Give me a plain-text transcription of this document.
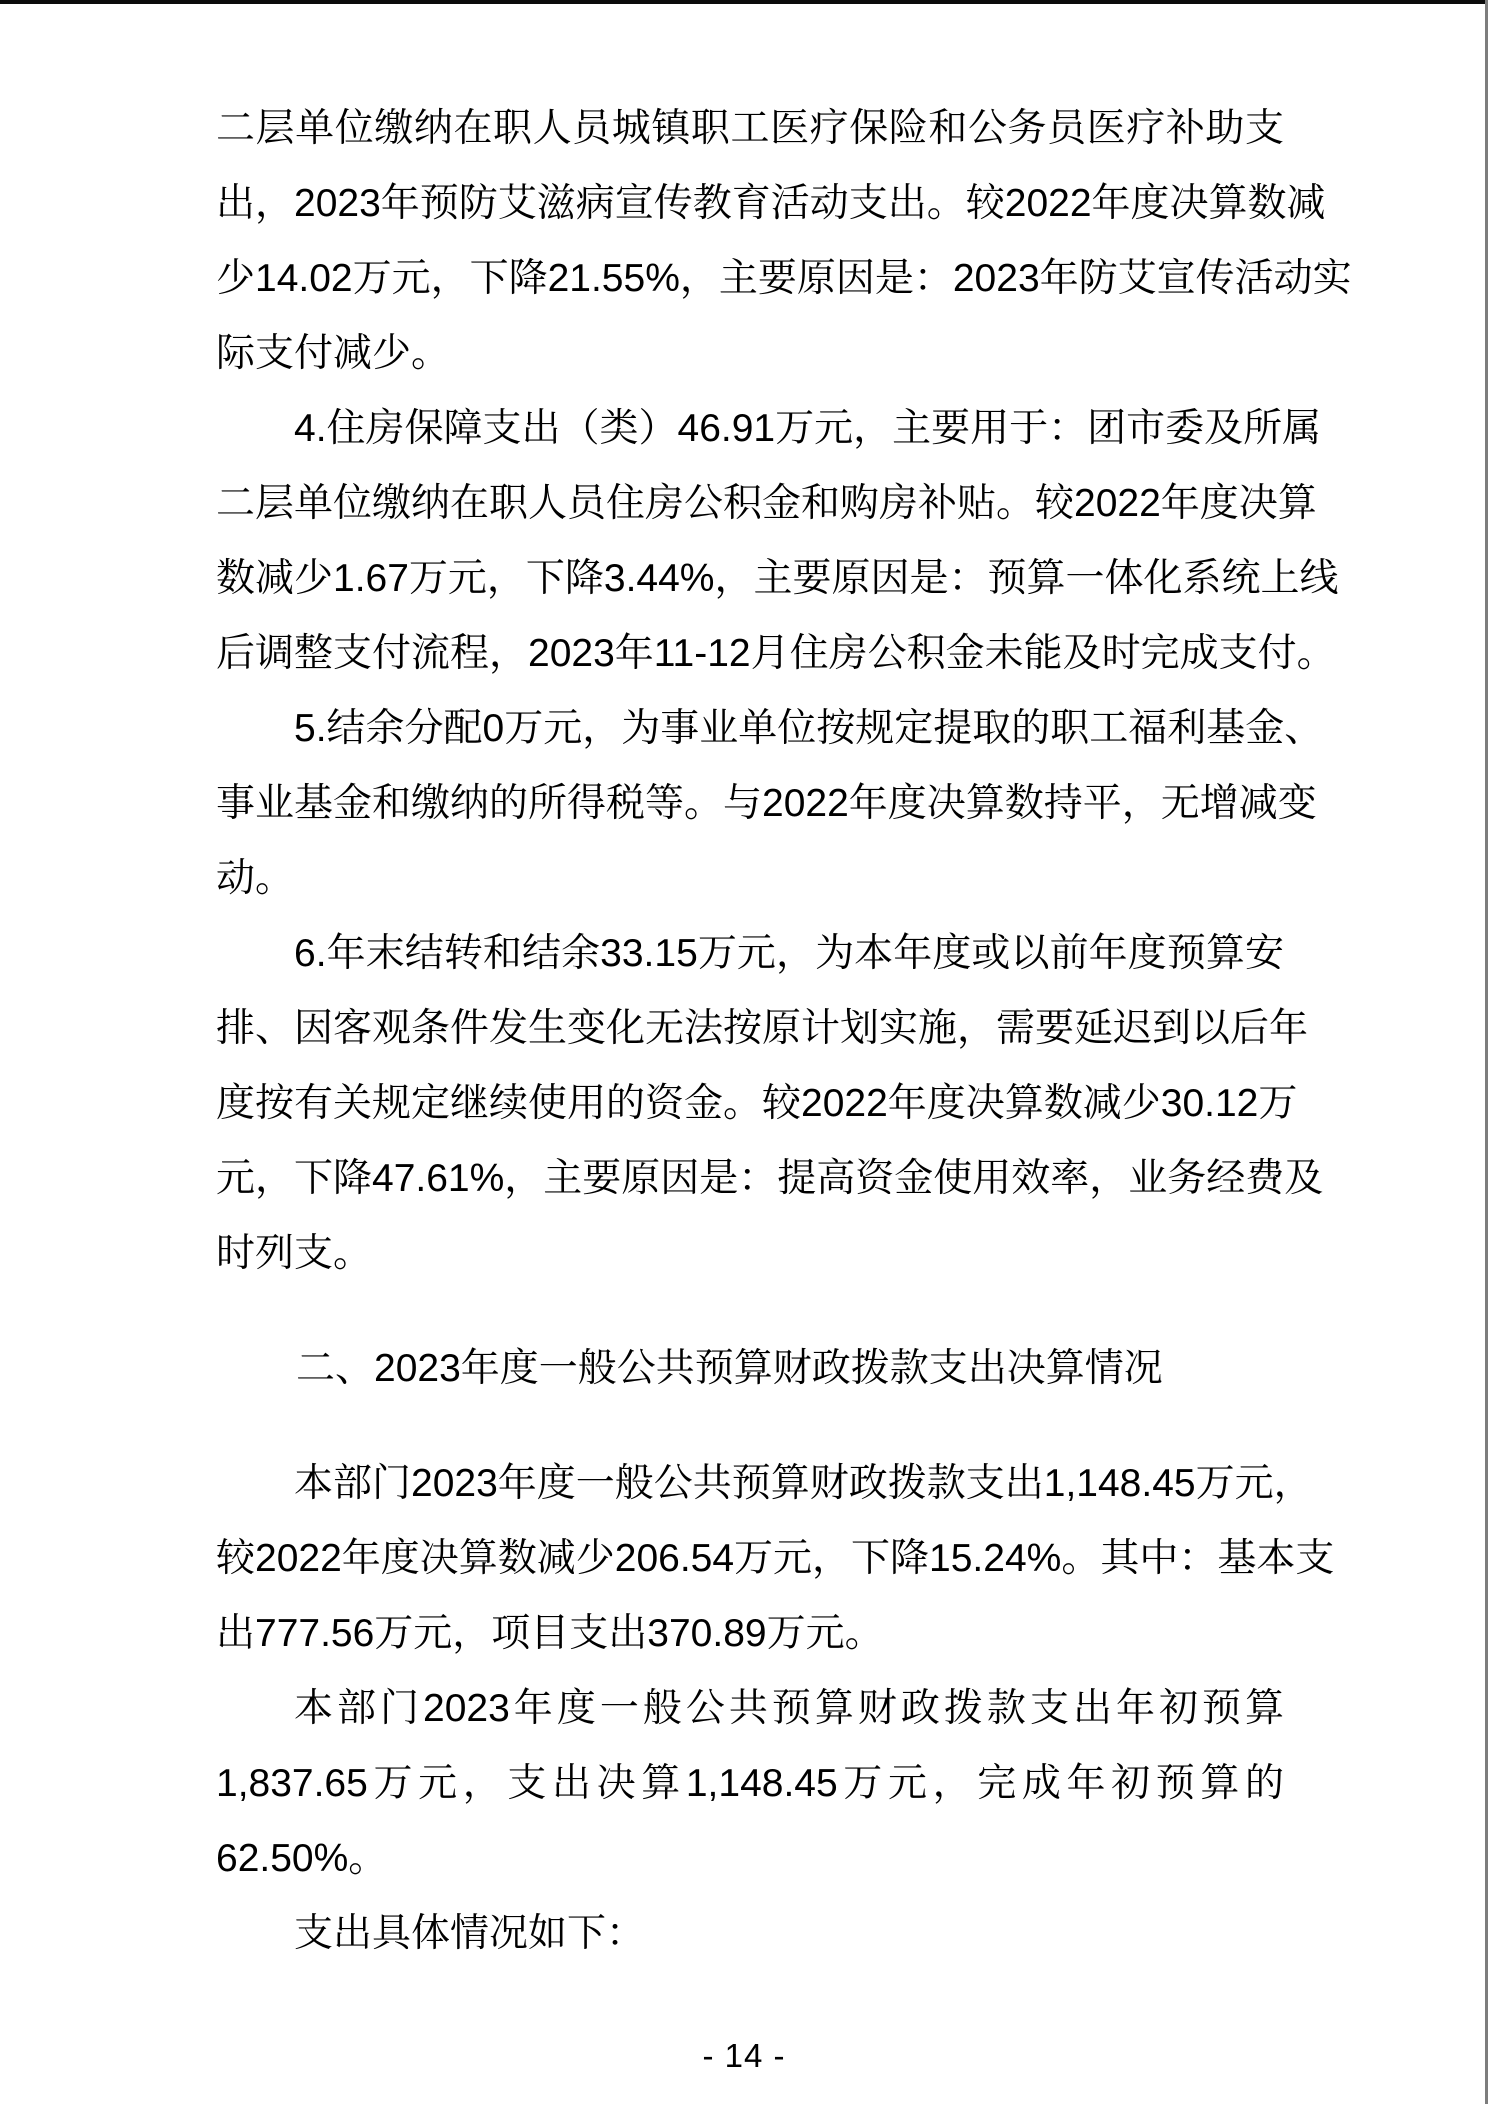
二层单位缴纳在职人员城镇职工医疗保险和公务员医疗补助支
出，2023年预防艾滋病宣传教育活动支出。较2022年度决算数减
少14.02万元，下降21.55%，主要原因是：2023年防艾宣传活动实
际支付减少。
4.住房保障支出（类）46.91万元，主要用于：团市委及所属
二层单位缴纳在职人员住房公积金和购房补贴。较2022年度决算
数减少1.67万元，下降3.44%，主要原因是：预算一体化系统上线
后调整支付流程，2023年11-12月住房公积金未能及时完成支付。
5.结余分配0万元，为事业单位按规定提取的职工福利基金、
事业基金和缴纳的所得税等。与2022年度决算数持平，无增减变
动。
6.年末结转和结余33.15万元，为本年度或以前年度预算安
排、因客观条件发生变化无法按原计划实施，需要延迟到以后年
度按有关规定继续使用的资金。较2022年度决算数减少30.12万
元，下降47.61%，主要原因是：提高资金使用效率，业务经费及
时列支。
二、2023年度一般公共预算财政拨款支出决算情况
本部门2023年度一般公共预算财政拨款支出1,148.45万元，
较2022年度决算数减少206.54万元，下降15.24%。其中：基本支
出777.56万元，项目支出370.89万元。
本部门2023年度一般公共预算财政拨款支出年初预算
1,837.65万元，支出决算1,148.45万元，完成年初预算的
62.50%。
支出具体情况如下：
- 14 -
